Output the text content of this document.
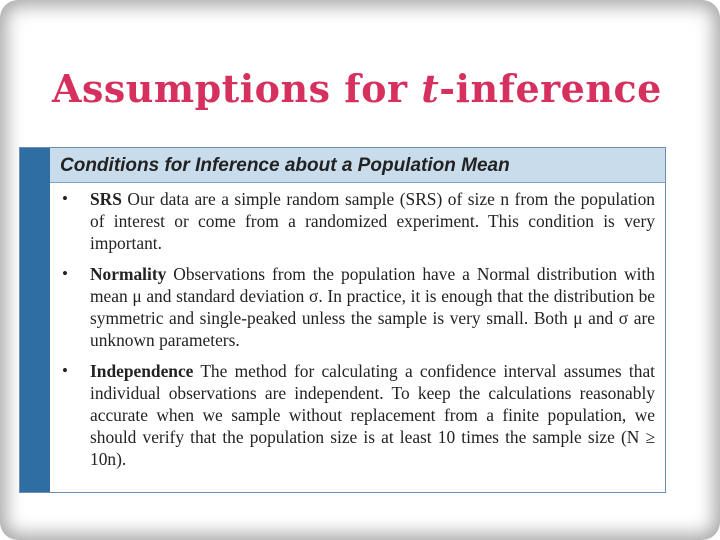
Assumptions for t-inference
Conditions for Inference about a Population Mean
• SRS Our data are a simple random sample (SRS) of size n from the population of interest or come from a randomized experiment. This condition is very important.
• Normality Observations from the population have a Normal distribution with mean μ and standard deviation σ. In practice, it is enough that the distribution be symmetric and single-peaked unless the sample is very small. Both μ and σ are unknown parameters.
• Independence The method for calculating a confidence interval assumes that individual observations are independent. To keep the calculations reasonably accurate when we sample without replacement from a finite population, we should verify that the population size is at least 10 times the sample size (N ≥ 10n).
